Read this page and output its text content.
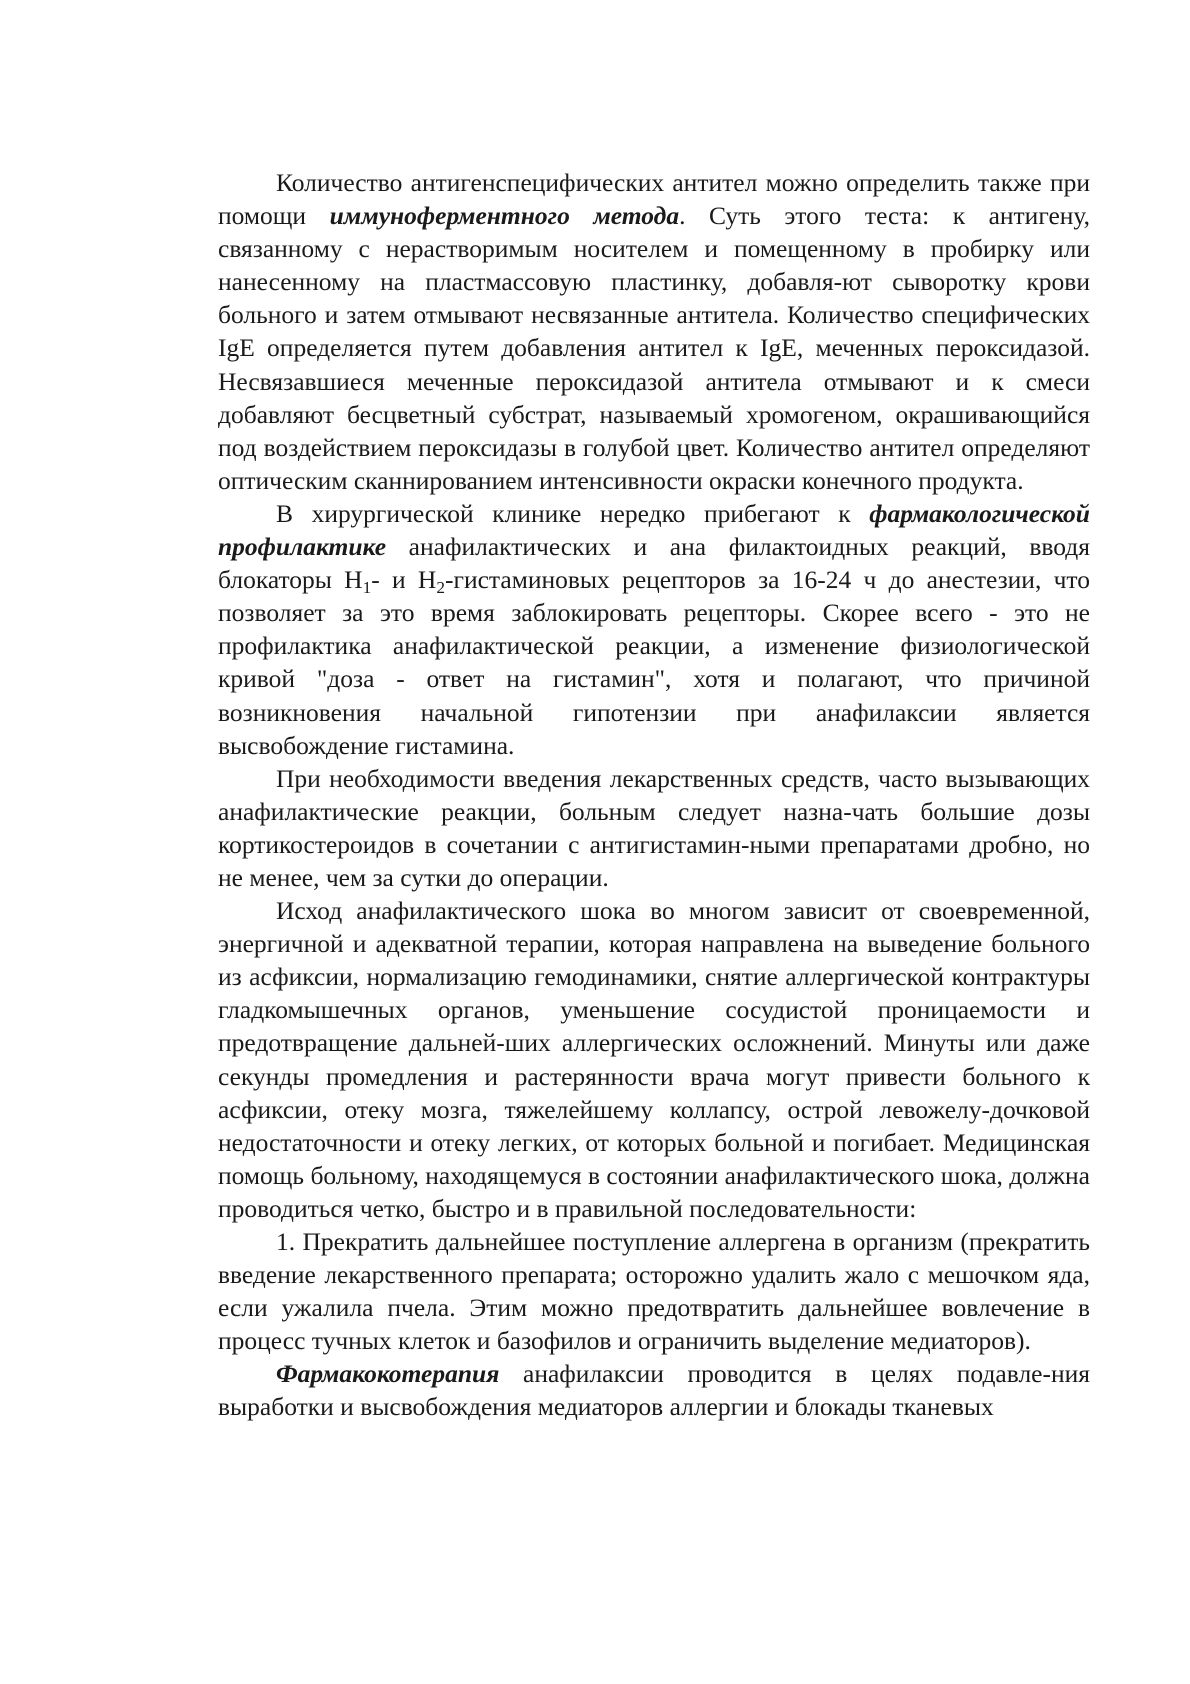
Количество антигенспецифических антител можно определить также при помощи иммуноферментного метода. Суть этого теста: к антигену, связанному с нерастворимым носителем и помещенному в пробирку или нанесенному на пластмассовую пластинку, добавля-ют сыворотку крови больного и затем отмывают несвязанные антитела. Количество специфических IgE определяется путем добавления антител к IgE, меченных пероксидазой. Несвязавшиеся меченные пероксидазой антитела отмывают и к смеси добавляют бесцветный субстрат, называемый хромогеном, окрашивающийся под воздействием пероксидазы в голубой цвет. Количество антител определяют оптическим сканнированием интенсивности окраски конечного продукта.

В хирургической клинике нередко прибегают к фармакологической профилактике анафилактических и ана филактоидных реакций, вводя блокаторы $H_1-$ и $H_2$-гистаминовых рецепторов за 16-24 ч до анестезии, что позволяет за это время заблокировать рецепторы. Скорее всего - это не профилактика анафилактической реакции, а изменение физиологической кривой "доза - ответ на гистамин", хотя и полагают, что причиной возникновения начальной гипотензии при анафилаксии является высвобождение гистамина.

При необходимости введения лекарственных средств, часто вызывающих анафилактические реакции, больным следует назна-чать большие дозы кортикостероидов в сочетании с антигистамин-ными препаратами дробно, но не менее, чем за сутки до операции.

Исход анафилактического шока во многом зависит от своевременной, энергичной и адекватной терапии, которая направлена на выведение больного из асфиксии, нормализацию гемодинамики, снятие аллергической контрактуры гладкомышечных органов, уменьшение сосудистой проницаемости и предотвращение дальней-ших аллергических осложнений. Минуты или даже секунды промедления и растерянности врача могут привести больного к асфиксии, отеку мозга, тяжелейшему коллапсу, острой левожелу-дочковой недостаточности и отеку легких, от которых больной и погибает. Медицинская помощь больному, находящемуся в состоянии анафилактического шока, должна проводиться четко, быстро и в правильной последовательности:

1. Прекратить дальнейшее поступление аллергена в организм (прекратить введение лекарственного препарата; осторожно удалить жало с мешочком яда, если ужалила пчела. Этим можно предотвратить дальнейшее вовлечение в процесс тучных клеток и базофилов и ограничить выделение медиаторов).

Фармакокотерапия анафилаксии проводится в целях подавле-ния выработки и высвобождения медиаторов аллергии и блокады тканевых
